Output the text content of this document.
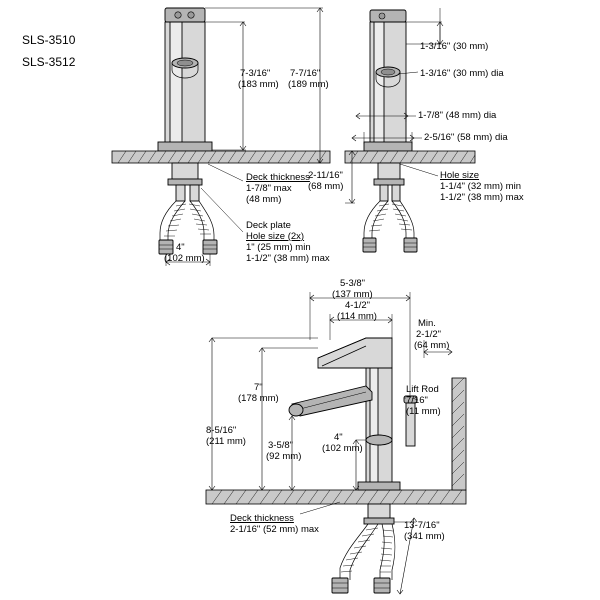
SLS-3510
SLS-3512
7-3/16"
(183 mm)
7-7/16"
(189 mm)
Deck thickness
1-7/8" max
(48 mm)
Deck plate
Hole size (2x)
1" (25 mm) min
1-1/2" (38 mm) max
4"
(102 mm)
1-3/16" (30 mm)
1-3/16" (30 mm) dia
1-7/8" (48 mm) dia
2-5/16" (58 mm) dia
2-11/16"
(68 mm)
Hole size
1-1/4" (32 mm) min
1-1/2" (38 mm) max
5-3/8"
(137 mm)
4-1/2"
(114 mm)
Min.
2-1/2"
(64 mm)
Lift Rod
7/16"
(11 mm)
7"
(178 mm)
8-5/16"
(211 mm) 3-5/8"
(92 mm)
4"
(102 mm)
Deck thickness
2-1/16" (52 mm) max	13-7/16"
(341 mm)
